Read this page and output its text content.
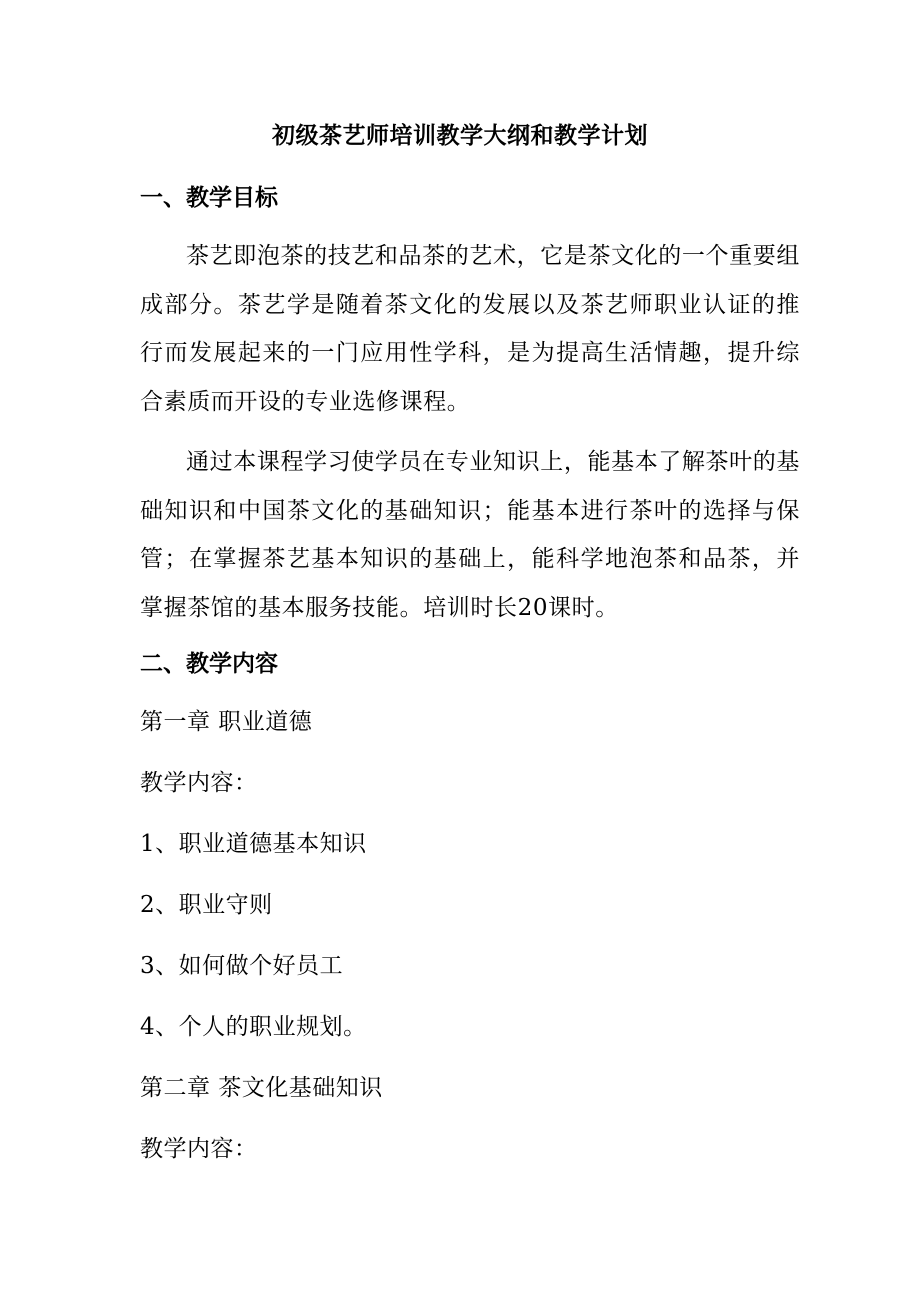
初级茶艺师培训教学大纲和教学计划
一、教学目标
茶艺即泡茶的技艺和品茶的艺术，它是茶文化的一个重要组成部分。茶艺学是随着茶文化的发展以及茶艺师职业认证的推行而发展起来的一门应用性学科，是为提高生活情趣，提升综合素质而开设的专业选修课程。
通过本课程学习使学员在专业知识上，能基本了解茶叶的基础知识和中国茶文化的基础知识；能基本进行茶叶的选择与保管；在掌握茶艺基本知识的基础上，能科学地泡茶和品茶，并掌握茶馆的基本服务技能。培训时长20课时。
二、教学内容
第一章 职业道德
教学内容：
1、职业道德基本知识
2、职业守则
3、如何做个好员工
4、个人的职业规划。
第二章 茶文化基础知识
教学内容：
